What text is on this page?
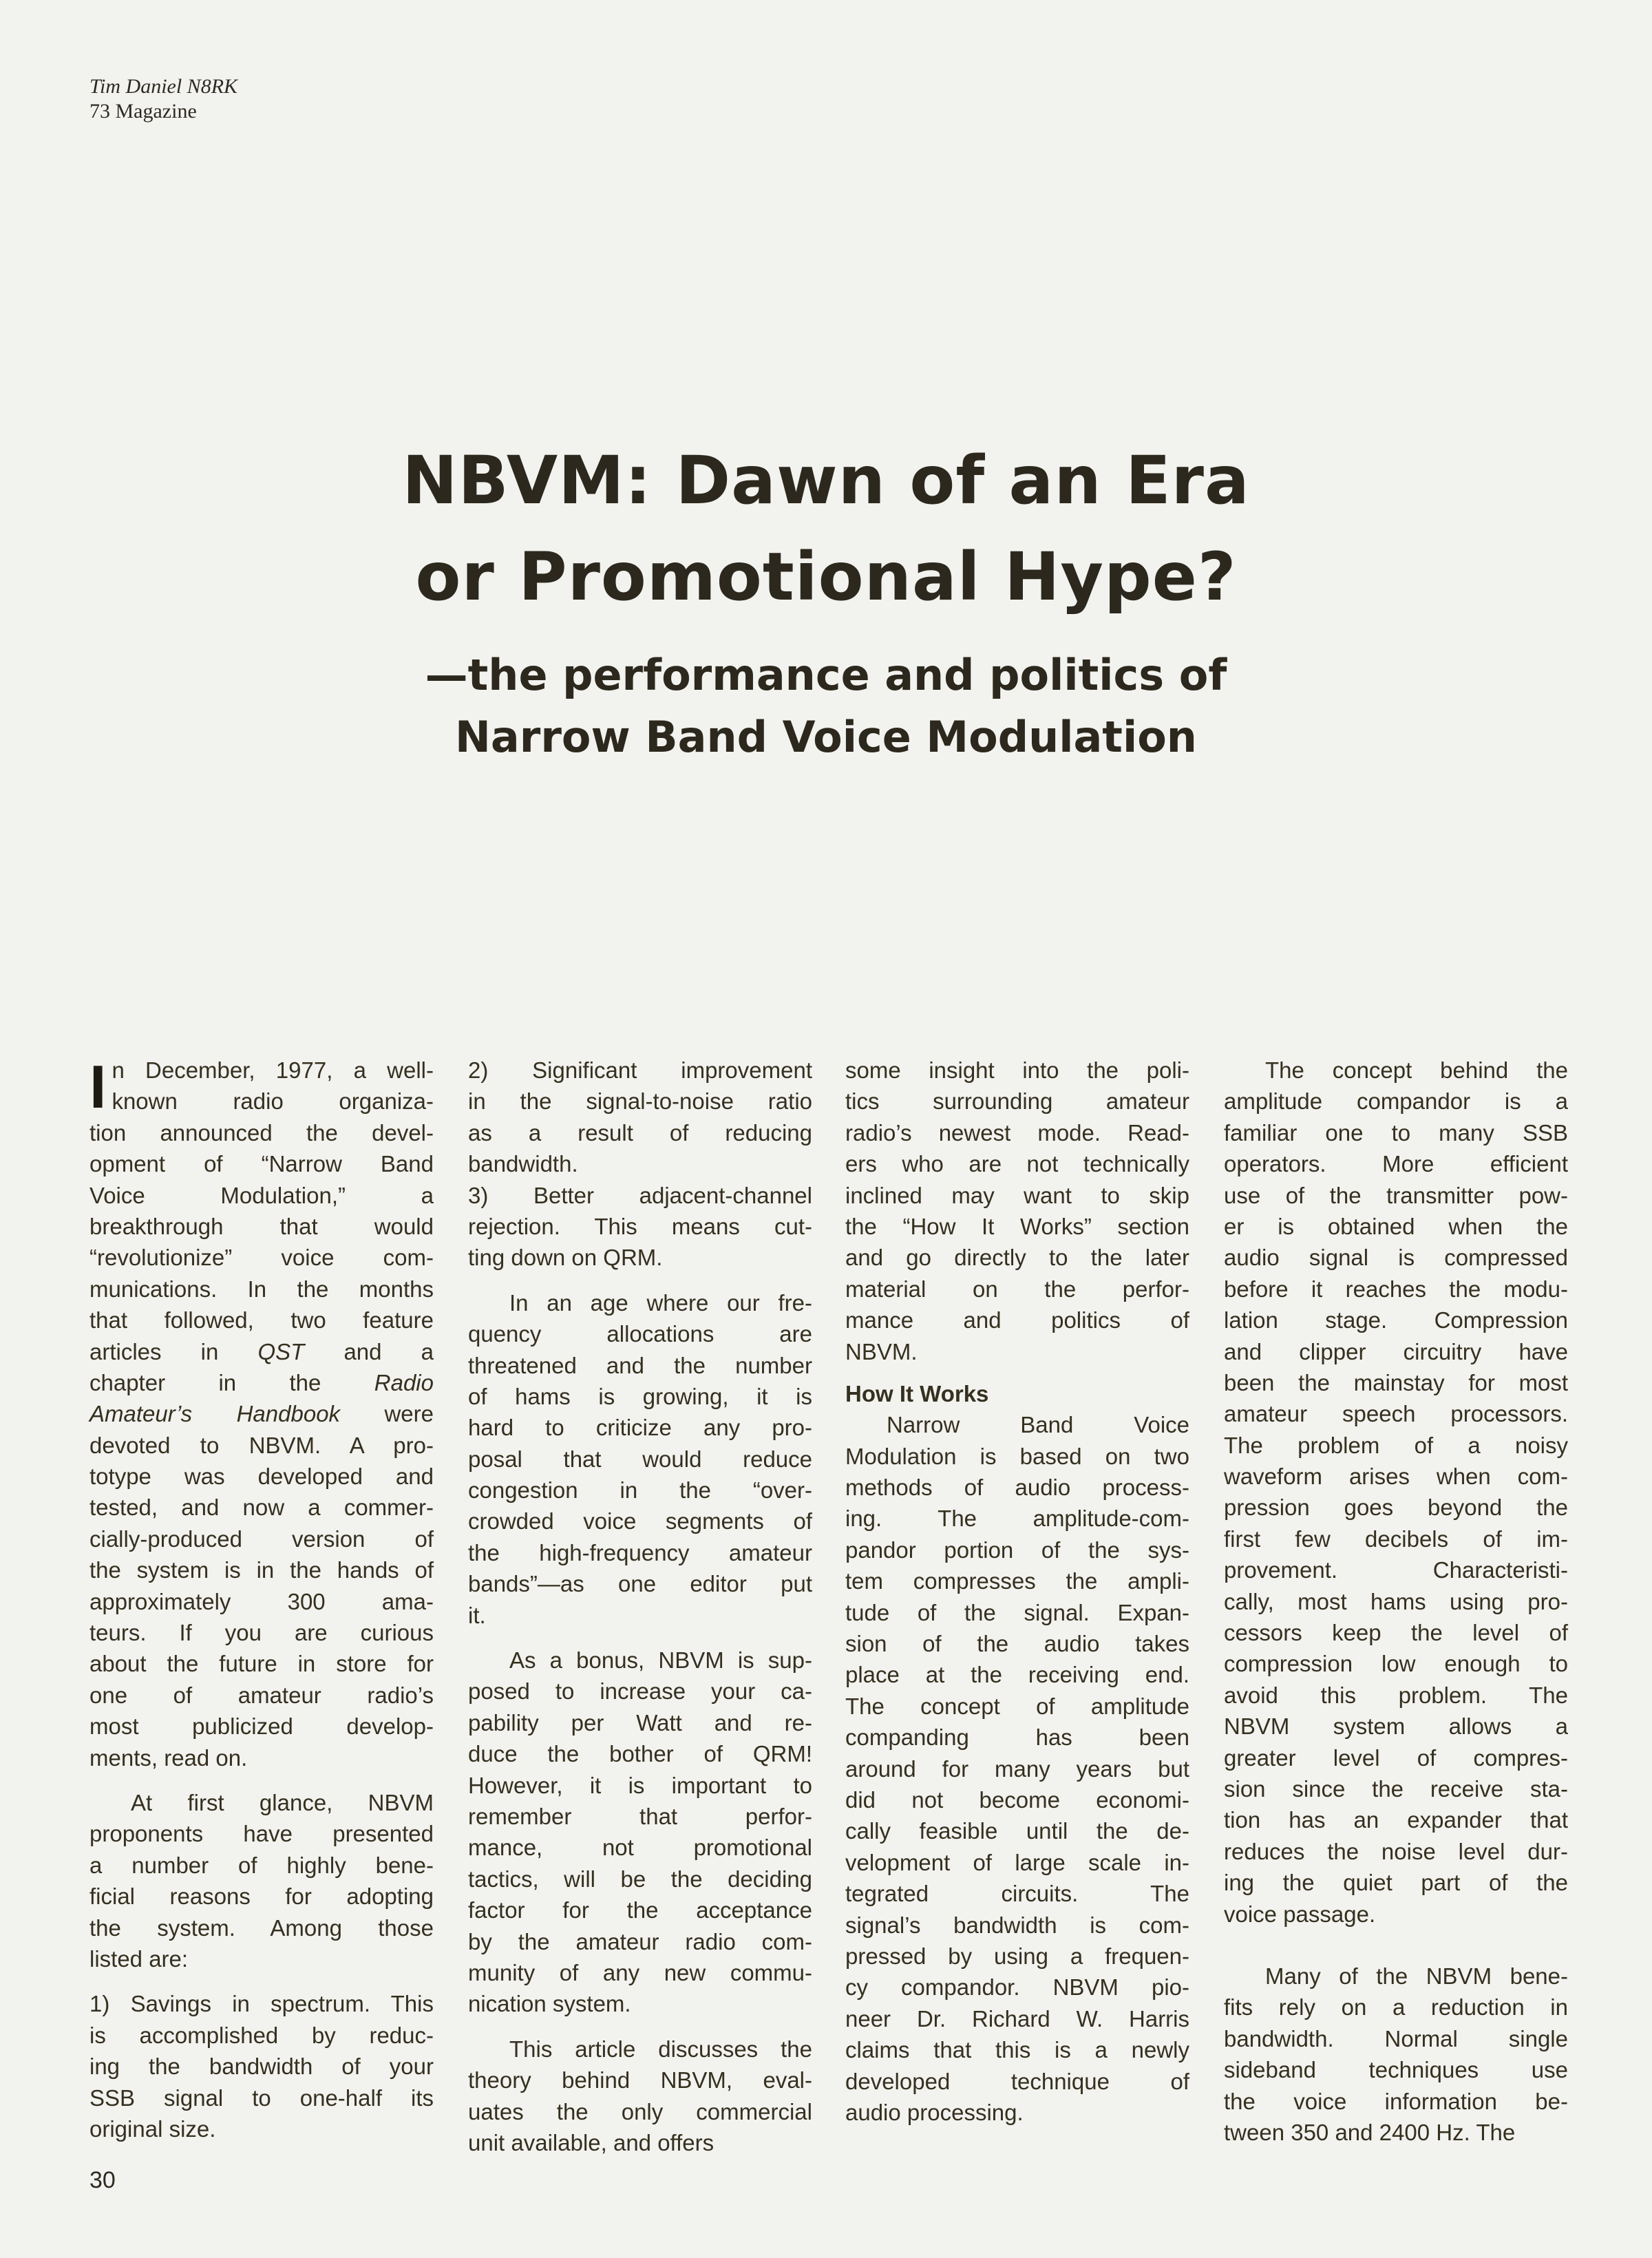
Tim Daniel N8RK
73 Magazine
NBVM: Dawn of an Era
or Promotional Hype?
—the performance and politics of
Narrow Band Voice Modulation
I n December, 1977, a well-
known radio organiza-
tion announced the devel-
opment of “Narrow Band
Voice Modulation,” a
breakthrough that would
“revolutionize” voice com-
munications. In the months
that followed, two feature
articles in QST and a
chapter in the Radio
Amateur’s Handbook were
devoted to NBVM. A pro-
totype was developed and
tested, and now a commer-
cially-produced version of
the system is in the hands of
approximately 300 ama-
teurs. If you are curious
about the future in store for
one of amateur radio’s
most publicized develop-
ments, read on.
At first glance, NBVM
proponents have presented
a number of highly bene-
ficial reasons for adopting
the system. Among those
listed are:
1) Savings in spectrum. This
is accomplished by reduc-
ing the bandwidth of your
SSB signal to one-half its
original size.
2) Significant improvement
in the signal-to-noise ratio
as a result of reducing
bandwidth.
3) Better adjacent-channel
rejection. This means cut-
ting down on QRM.
In an age where our fre-
quency allocations are
threatened and the number
of hams is growing, it is
hard to criticize any pro-
posal that would reduce
congestion in the “over-
crowded voice segments of
the high-frequency amateur
bands”—as one editor put
it.
As a bonus, NBVM is sup-
posed to increase your ca-
pability per Watt and re-
duce the bother of QRM!
However, it is important to
remember that perfor-
mance, not promotional
tactics, will be the deciding
factor for the acceptance
by the amateur radio com-
munity of any new commu-
nication system.
This article discusses the
theory behind NBVM, eval-
uates the only commercial
unit available, and offers
some insight into the poli-
tics surrounding amateur
radio’s newest mode. Read-
ers who are not technically
inclined may want to skip
the “How It Works” section
and go directly to the later
material on the perfor-
mance and politics of
NBVM.
How It Works
Narrow Band Voice
Modulation is based on two
methods of audio process-
ing. The amplitude-com-
pandor portion of the sys-
tem compresses the ampli-
tude of the signal. Expan-
sion of the audio takes
place at the receiving end.
The concept of amplitude
companding has been
around for many years but
did not become economi-
cally feasible until the de-
velopment of large scale in-
tegrated circuits. The
signal’s bandwidth is com-
pressed by using a frequen-
cy compandor. NBVM pio-
neer Dr. Richard W. Harris
claims that this is a newly
developed technique of
audio processing.
The concept behind the
amplitude compandor is a
familiar one to many SSB
operators. More efficient
use of the transmitter pow-
er is obtained when the
audio signal is compressed
before it reaches the modu-
lation stage. Compression
and clipper circuitry have
been the mainstay for most
amateur speech processors.
The problem of a noisy
waveform arises when com-
pression goes beyond the
first few decibels of im-
provement. Characteristi-
cally, most hams using pro-
cessors keep the level of
compression low enough to
avoid this problem. The
NBVM system allows a
greater level of compres-
sion since the receive sta-
tion has an expander that
reduces the noise level dur-
ing the quiet part of the
voice passage.
Many of the NBVM bene-
fits rely on a reduction in
bandwidth. Normal single
sideband techniques use
the voice information be-
tween 350 and 2400 Hz. The
30
